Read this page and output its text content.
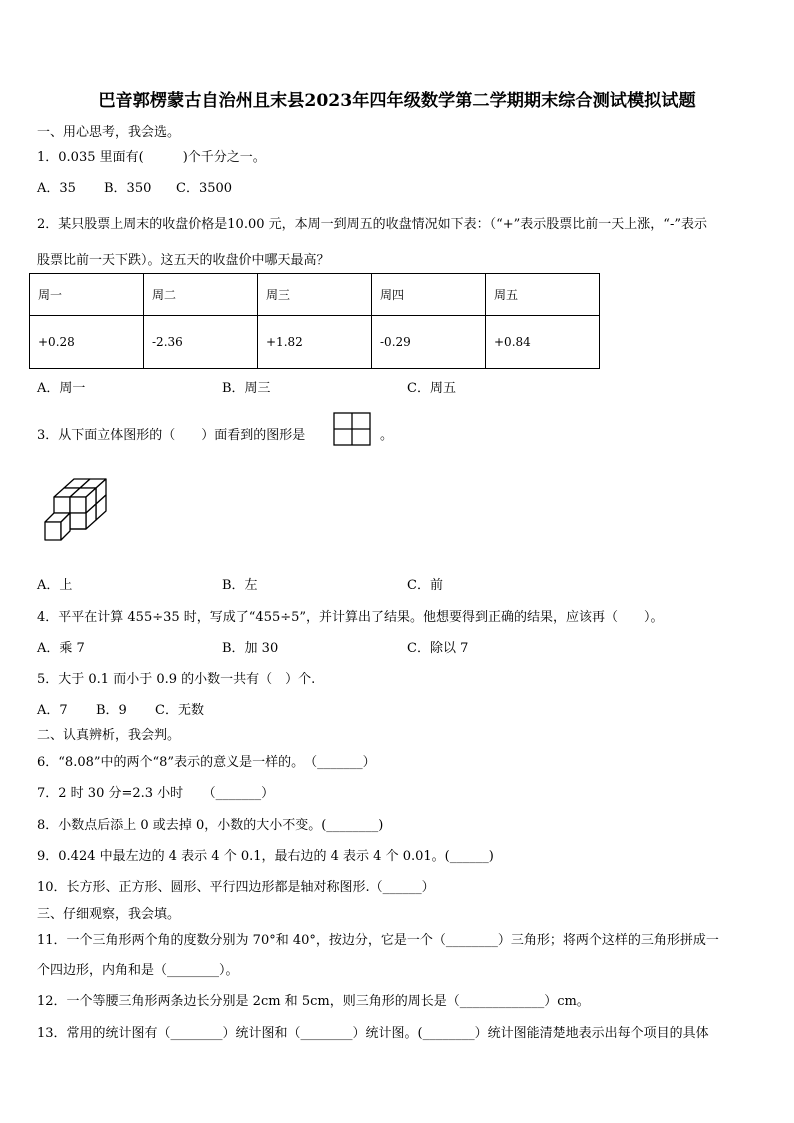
巴音郭楞蒙古自治州且末县2023年四年级数学第二学期期末综合测试模拟试题
一、用心思考，我会选。
1．0.035 里面有(　　　)个千分之一。
A．35 B．350 C．3500
2．某只股票上周末的收盘价格是10.00 元，本周一到周五的收盘情况如下表：（“+”表示股票比前一天上涨，“-”表示
股票比前一天下跌）。这五天的收盘价中哪天最高？
周一	周二	周三	周四	周五
+0.28	-2.36	+1.82	-0.29	+0.84
A．周一	B．周三	C．周五
3．从下面立体图形的（　　）面看到的图形是	。
A．上	B．左	C．前
4．平平在计算 455÷35 时，写成了“455÷5”，并计算出了结果。他想要得到正确的结果，应该再（　　）。
A．乘 7	B．加 30	C．除以 7
5．大于 0.1 而小于 0.9 的小数一共有（　）个.
A．7 B．9 C．无数
二、认真辨析，我会判。
6．“8.08”中的两个“8”表示的意义是一样的。　（_______）
7．2 时 30 分=2.3 小时　　（_______）
8．小数点后添上 0 或去掉 0，小数的大小不变。(________)
9．0.424 中最左边的 4 表示 4 个 0.1，最右边的 4 表示 4 个 0.01。(______)
10．长方形、正方形、圆形、平行四边形都是轴对称图形.（______）
三、仔细观察，我会填。
11．一个三角形两个角的度数分别为 70°和 40°，按边分，它是一个（________）三角形；将两个这样的三角形拼成一
个四边形，内角和是（________）。
12．一个等腰三角形两条边长分别是 2cm 和 5cm，则三角形的周长是（_____________）cm。
13．常用的统计图有（________）统计图和（________）统计图。(________）统计图能清楚地表示出每个项目的具体
